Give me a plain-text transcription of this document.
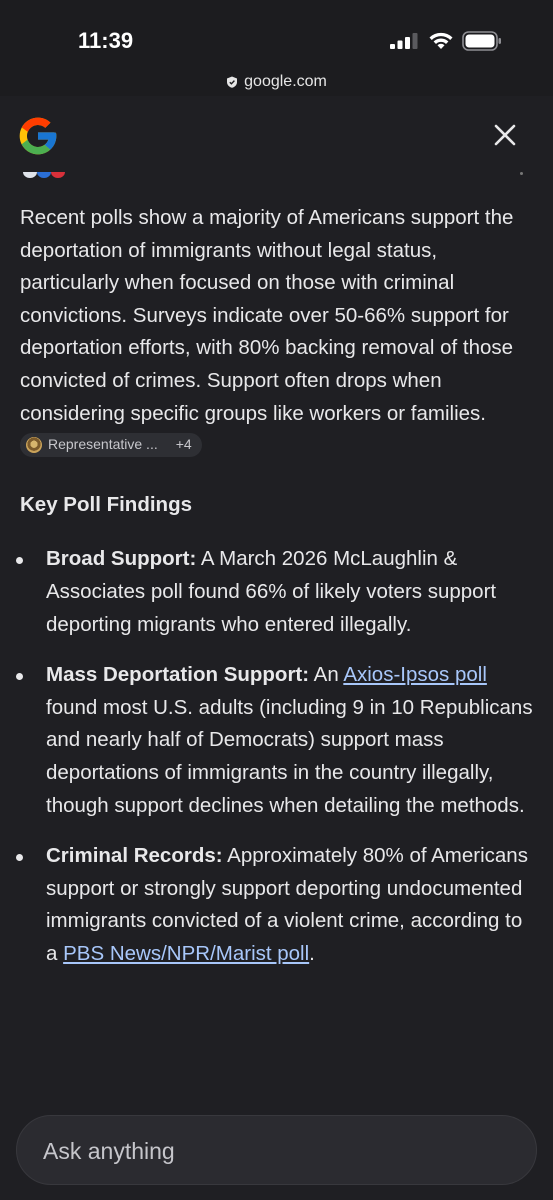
11:39
google.com

Recent polls show a majority of Americans support the deportation of immigrants without legal status, particularly when focused on those with criminal convictions. Surveys indicate over 50-66% support for deportation efforts, with 80% backing removal of those convicted of crimes. Support often drops when considering specific groups like workers or families.
Representative ... +4

Key Poll Findings
Broad Support: A March 2026 McLaughlin & Associates poll found 66% of likely voters support deporting migrants who entered illegally.
Mass Deportation Support: An Axios-Ipsos poll found most U.S. adults (including 9 in 10 Republicans and nearly half of Democrats) support mass deportations of immigrants in the country illegally, though support declines when detailing the methods.
Criminal Records: Approximately 80% of Americans support or strongly support deporting undocumented immigrants convicted of a violent crime, according to a PBS News/NPR/Marist poll.
Ask anything
